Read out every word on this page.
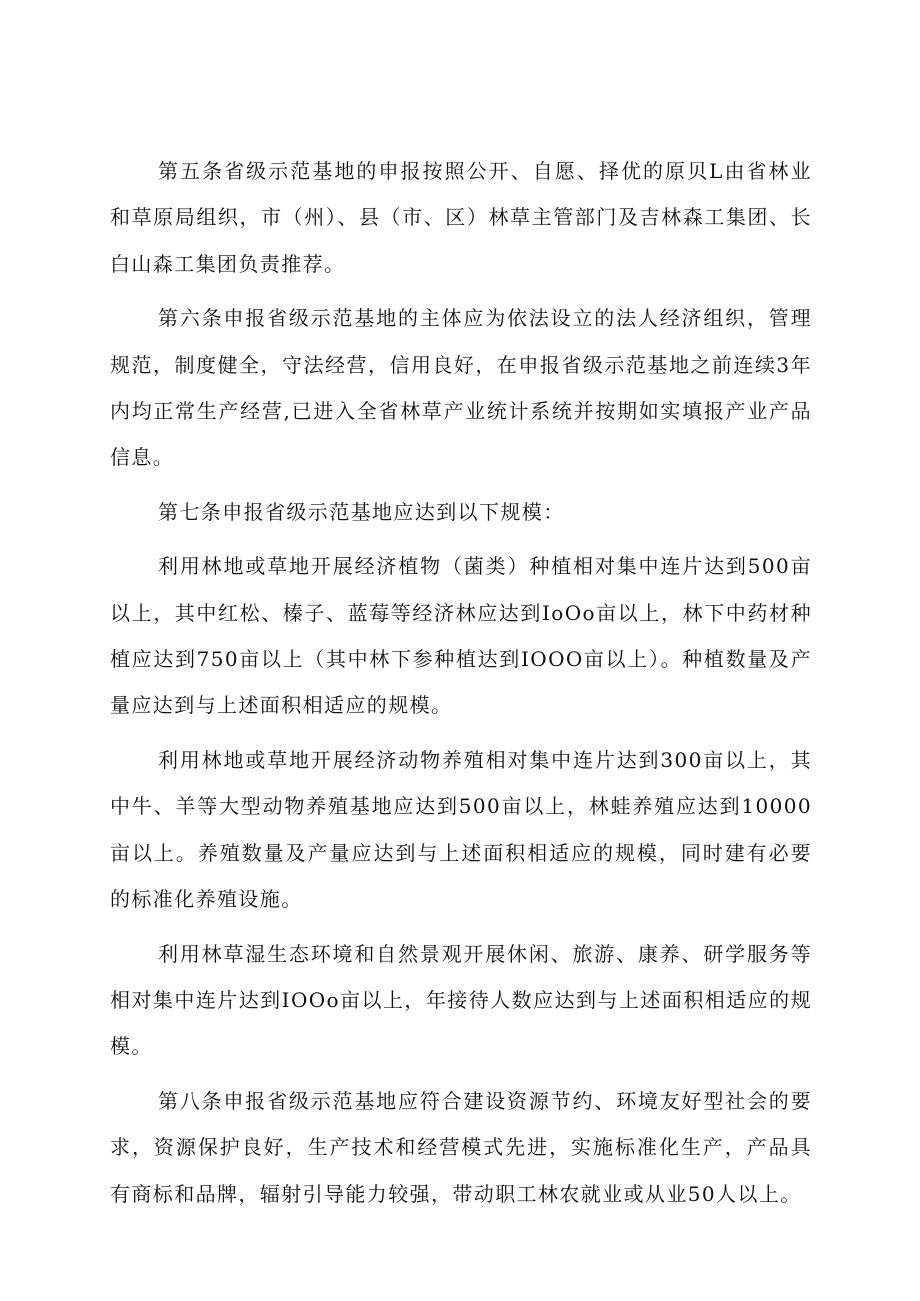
第五条省级示范基地的申报按照公开、自愿、择优的原贝L由省林业和草原局组织，市（州）、县（市、区）林草主管部门及吉林森工集团、长白山森工集团负责推荐。

第六条申报省级示范基地的主体应为依法设立的法人经济组织，管理规范，制度健全，守法经营，信用良好，在申报省级示范基地之前连续3年内均正常生产经营,已进入全省林草产业统计系统并按期如实填报产业产品信息。

第七条申报省级示范基地应达到以下规模：

利用林地或草地开展经济植物（菌类）种植相对集中连片达到500亩以上，其中红松、榛子、蓝莓等经济林应达到IoOo亩以上，林下中药材种植应达到750亩以上（其中林下参种植达到IOOO亩以上）。种植数量及产量应达到与上述面积相适应的规模。

利用林地或草地开展经济动物养殖相对集中连片达到300亩以上，其中牛、羊等大型动物养殖基地应达到500亩以上，林蛙养殖应达到10000亩以上。养殖数量及产量应达到与上述面积相适应的规模，同时建有必要的标准化养殖设施。

利用林草湿生态环境和自然景观开展休闲、旅游、康养、研学服务等相对集中连片达到IOOo亩以上，年接待人数应达到与上述面积相适应的规模。

第八条申报省级示范基地应符合建设资源节约、环境友好型社会的要求，资源保护良好，生产技术和经营模式先进，实施标准化生产，产品具有商标和品牌，辐射引导能力较强，带动职工林农就业或从业50人以上。
